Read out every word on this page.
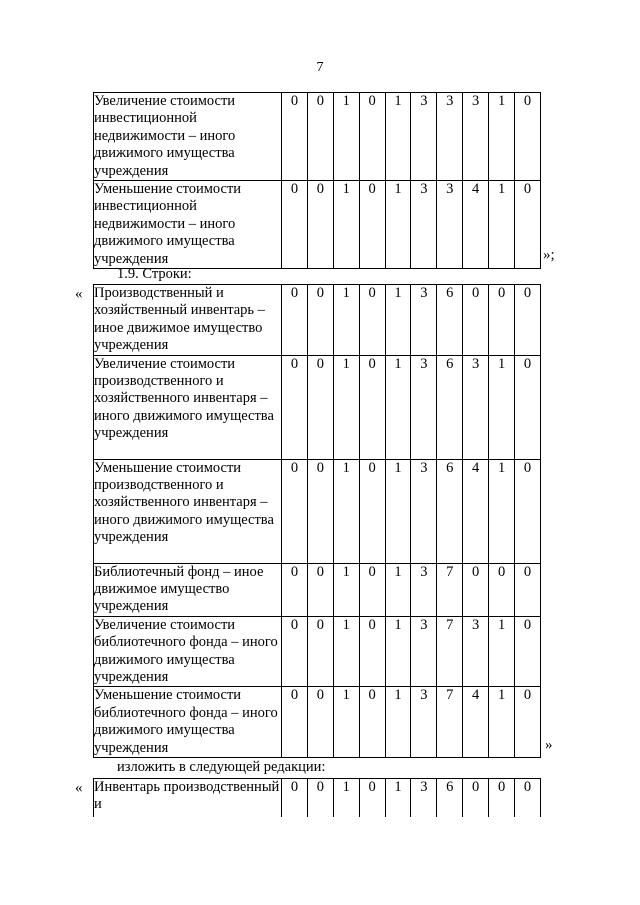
7
Увеличение стоимости инвестиционной недвижимости – иного движимого имущества учреждения	0	0	1	0	1	3	3	3	1	0
Уменьшение стоимости инвестиционной недвижимости – иного движимого имущества учреждения	0	0	1	0	1	3	3	4	1	0
»;
1.9. Строки:
« Производственный и хозяйственный инвентарь – иное движимое имущество учреждения	0	0	1	0	1	3	6	0	0	0
Увеличение стоимости производственного и хозяйственного инвентаря – иного движимого имущества учреждения	0	0	1	0	1	3	6	3	1	0
Уменьшение стоимости производственного и хозяйственного инвентаря – иного движимого имущества учреждения	0	0	1	0	1	3	6	4	1	0
Библиотечный фонд – иное движимое имущество учреждения	0	0	1	0	1	3	7	0	0	0
Увеличение стоимости библиотечного фонда – иного движимого имущества учреждения	0	0	1	0	1	3	7	3	1	0
Уменьшение стоимости библиотечного фонда – иного движимого имущества учреждения	0	0	1	0	1	3	7	4	1	0
»
изложить в следующей редакции:
« Инвентарь производственный и	0	0	1	0	1	3	6	0	0	0
